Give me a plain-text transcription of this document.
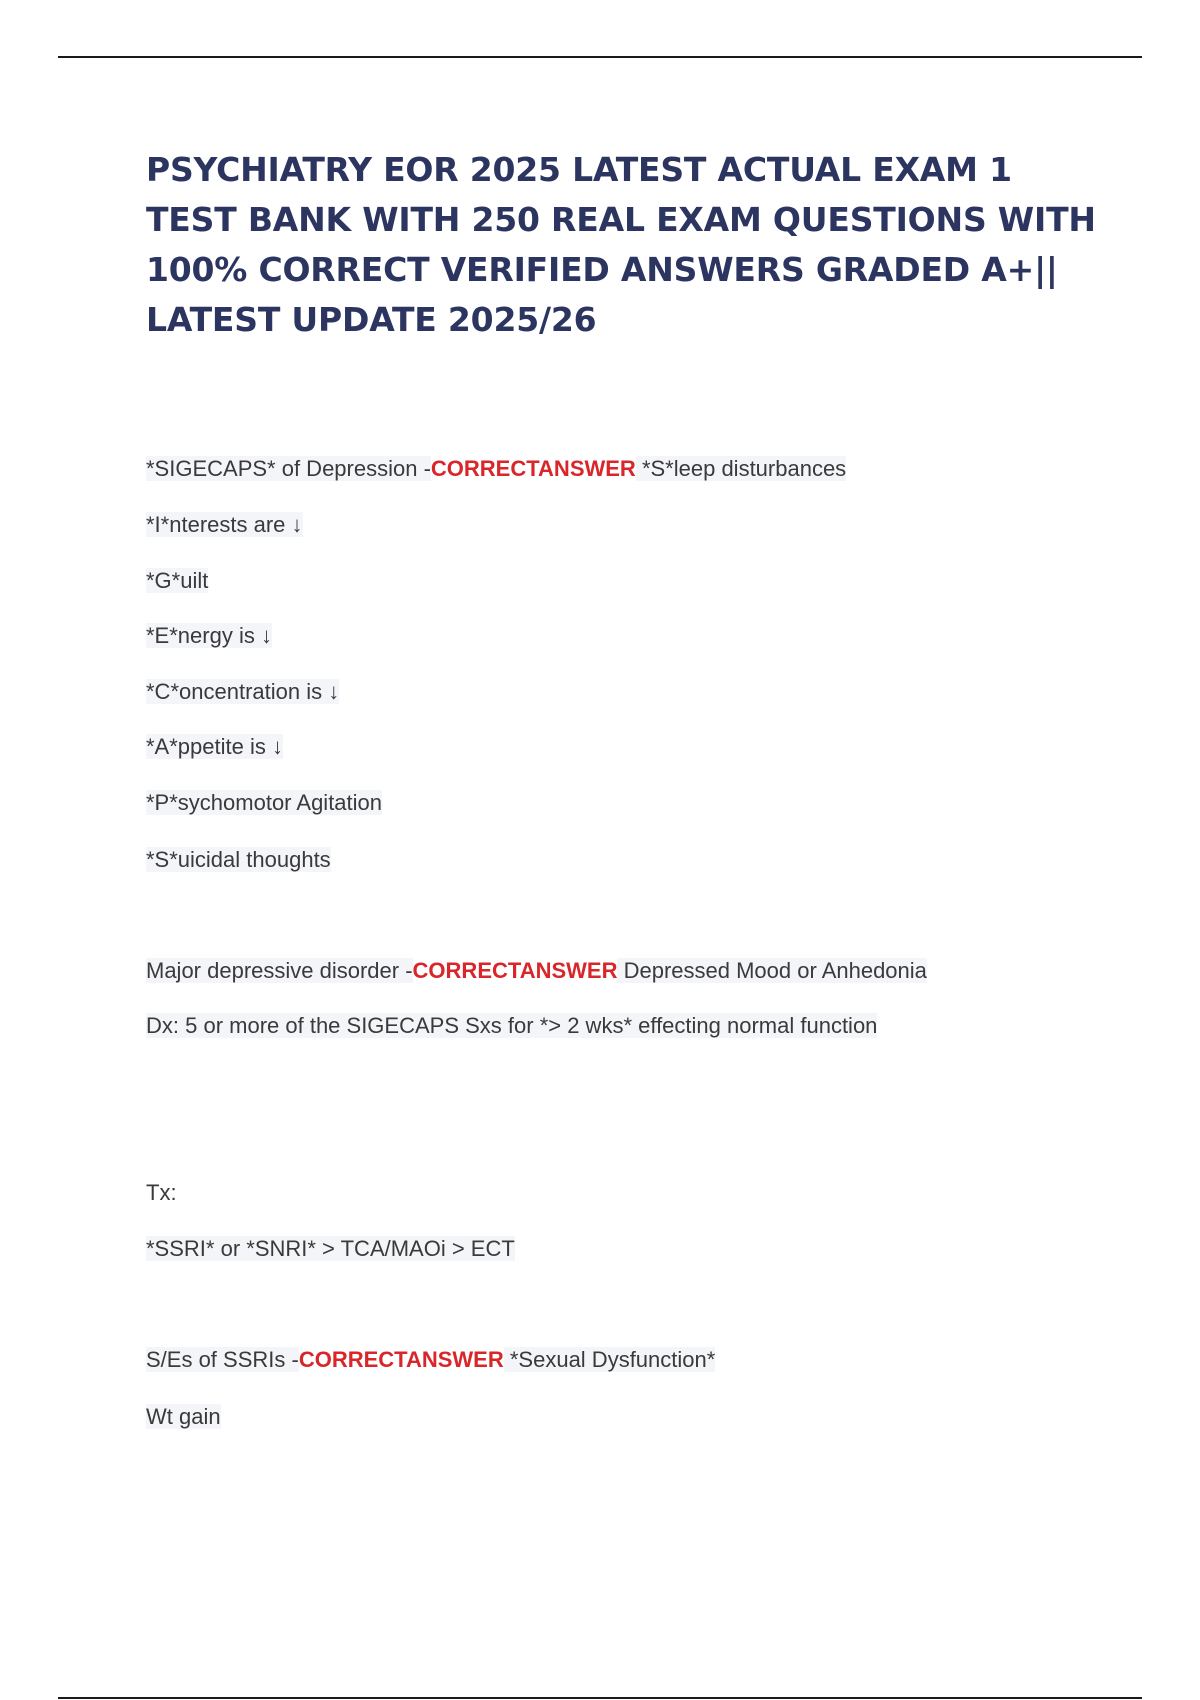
PSYCHIATRY EOR 2025 LATEST ACTUAL EXAM 1 TEST BANK WITH 250 REAL EXAM QUESTIONS WITH 100% CORRECT VERIFIED ANSWERS GRADED A+|| LATEST UPDATE 2025/26
*SIGECAPS* of Depression -CORRECTANSWER *S*leep disturbances
*I*nterests are ↓
*G*uilt
*E*nergy is ↓
*C*oncentration is ↓
*A*ppetite is ↓
*P*sychomotor Agitation
*S*uicidal thoughts
Major depressive disorder -CORRECTANSWER Depressed Mood or Anhedonia
Dx: 5 or more of the SIGECAPS Sxs for *> 2 wks* effecting normal function
Tx:
*SSRI* or *SNRI* > TCA/MAOi > ECT
S/Es of SSRIs -CORRECTANSWER *Sexual Dysfunction*
Wt gain
